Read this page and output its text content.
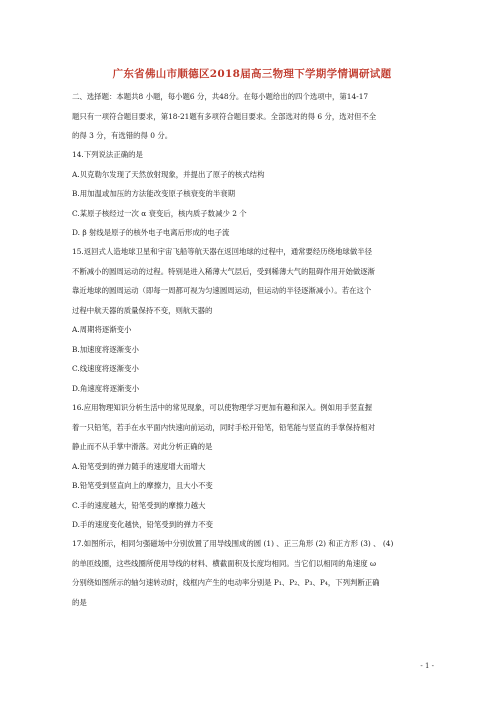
广东省佛山市顺德区2018届高三物理下学期学情调研试题
二、选择题：本题共8 小题，每小题6 分，共48分。在每小题给出的四个选项中，第14-17
题只有一项符合题目要求，第18-21题有多项符合题目要求。全部选对的得 6 分，选对但不全
的得 3 分，有选错的得 0 分。
14.下列说法正确的是
A.贝克勒尔发现了天然放射现象，并提出了原子的核式结构
B.用加温或加压的方法能改变原子核衰变的半衰期
C.某原子核经过一次 α 衰变后，核内质子数减少 2 个
D. β 射线是原子的核外电子电离后形成的电子流
15.返回式人造地球卫星和宇宙飞船等航天器在返回地球的过程中，通常要经历绕地球做半径
不断减小的圆周运动的过程。特别是进入稀薄大气层后，受到稀薄大气的阻碍作用开始做逐渐
靠近地球的圆周运动（即每一周都可视为匀速圆周运动，但运动的半径逐渐减小）。若在这个
过程中航天器的质量保持不变，则航天器的
A.周期将逐渐变小
B.加速度将逐渐变小
C.线速度将逐渐变小
D.角速度将逐渐变小
16.应用物理知识分析生活中的常见现象，可以使物理学习更加有趣和深入。例如用手竖直握
着一只铅笔，若手在水平面内快速向前运动，同时手松开铅笔，铅笔能与竖直的手掌保持相对
静止而不从手掌中滑落。对此分析正确的是
A.铅笔受到的弹力随手的速度增大而增大
B.铅笔受到竖直向上的摩擦力，且大小不变
C.手的速度越大，铅笔受到的摩擦力越大
D.手的速度变化越快，铅笔受到的弹力不变
17.如图所示，相同匀强磁场中分别放置了用导线围成的圆 (1) 、正三角形 (2) 和正方形 (3) 、 (4)
的单匝线圈，这些线圈所使用导线的材料、横截面积及长度均相同。当它们以相同的角速度 ω
分别绕如图所示的轴匀速转动时，线框内产生的电动率分别是 P₁、P₂、P₃、P₄，下列判断正确
的是
- 1 -
